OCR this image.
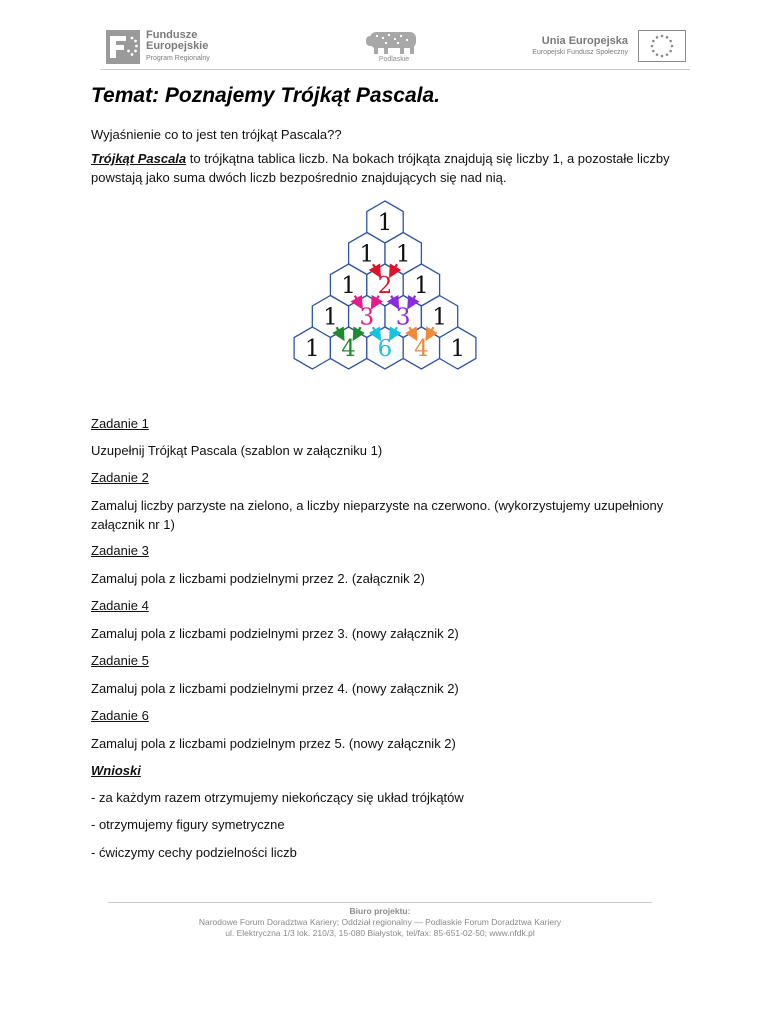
Fundusze
Europejskie
Program Regionalny	Podlaskie
Unia Europejska
Europejski Fundusz Społeczny
Temat: Poznajemy Trójkąt Pascala.

Wyjaśnienie co to jest ten trójkąt Pascala??

Trójkąt Pascala to trójkątna tablica liczb. Na bokach trójkąta znajdują się liczby 1, a pozostałe liczby powstają jako suma dwóch liczb bezpośrednio znajdujących się nad nią.

1
1 1
1 2 1
1 3 3 1
1 4 6 4 1

Zadanie 1

Uzupełnij Trójkąt Pascala (szablon w załączniku 1)

Zadanie 2

Zamaluj liczby parzyste na zielono, a liczby nieparzyste na czerwono. (wykorzystujemy uzupełniony załącznik nr 1)

Zadanie 3

Zamaluj pola z liczbami podzielnymi przez 2. (załącznik 2)

Zadanie 4

Zamaluj pola z liczbami podzielnymi przez 3. (nowy załącznik 2)

Zadanie 5

Zamaluj pola z liczbami podzielnymi przez 4. (nowy załącznik 2)

Zadanie 6

Zamaluj pola z liczbami podzielnym przez 5. (nowy załącznik 2)

Wnioski

- za każdym razem otrzymujemy niekończący się układ trójkątów

- otrzymujemy figury symetryczne

- ćwiczymy cechy podzielności liczb

Biuro projektu:
Narodowe Forum Doradztwa Kariery; Oddział regionalny — Podlaskie Forum Doradztwa Kariery
ul. Elektryczna 1/3 lok. 210/3, 15-080 Białystok, tel/fax: 85-651-02-50; www.nfdk.pl
